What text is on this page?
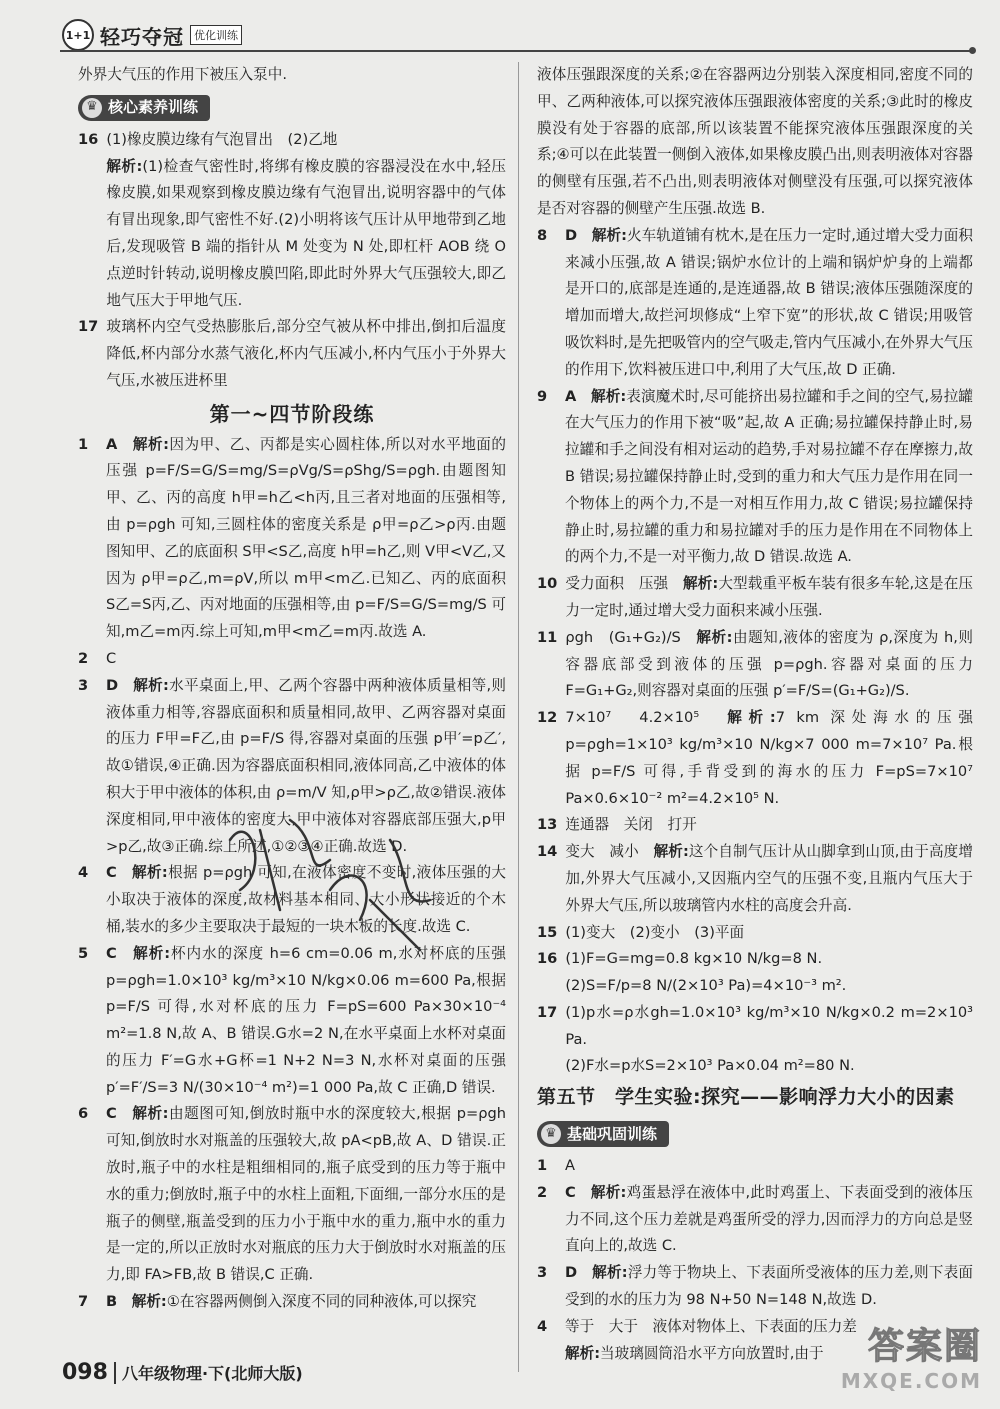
1+1 轻巧夺冠 优化训练

外界大气压的作用下被压入泵中.

♛ 核心素养训练
16 (1)橡皮膜边缘有气泡冒出　(2)乙地
解析:(1)检查气密性时,将绑有橡皮膜的容器浸没在水中,轻压橡皮膜,如果观察到橡皮膜边缘有气泡冒出,说明容器中的气体有冒出现象,即气密性不好.(2)小明将该气压计从甲地带到乙地后,发现吸管 B 端的指针从 M 处变为 N 处,即杠杆 AOB 绕 O 点逆时针转动,说明橡皮膜凹陷,即此时外界大气压强较大,即乙地气压大于甲地气压.
17 玻璃杯内空气受热膨胀后,部分空气被从杯中排出,倒扣后温度降低,杯内部分水蒸气液化,杯内气压减小,杯内气压小于外界大气压,水被压进杯里
第一~四节阶段练
1	A　 解析:因为甲、乙、丙都是实心圆柱体,所以对水平地面的压强 p=F/S=G/S=mg/S=ρVg/S=ρShg/S=ρgh.由题图知甲、乙、丙的高度 h甲=h乙<h丙,且三者对地面的压强相等,由 p=ρgh 可知,三圆柱体的密度关系是 ρ甲=ρ乙>ρ丙.由题图知甲、乙的底面积 S甲<S乙,高度 h甲=h乙,则 V甲<V乙,又因为 ρ甲=ρ乙,m=ρV,所以 m甲<m乙.已知乙、丙的底面积 S乙=S丙,乙、丙对地面的压强相等,由 p=F/S=G/S=mg/S 可知,m乙=m丙.综上可知,m甲<m乙=m丙.故选 A.
2	C
3	D　 解析:水平桌面上,甲、乙两个容器中两种液体质量相等,则液体重力相等,容器底面积和质量相同,故甲、乙两容器对桌面的压力 F甲=F乙,由 p=F/S 得,容器对桌面的压强 p甲′=p乙′,故①错误,④正确.因为容器底面积相同,液体同高,乙中液体的体积大于甲中液体的体积,由 ρ=m/V 知,ρ甲>ρ乙,故②错误.液体深度相同,甲中液体的密度大,甲中液体对容器底部压强大,p甲>p乙,故③正确.综上所述,①②③④正确.故选 D.
4	C　 解析:根据 p=ρgh 可知,在液体密度不变时,液体压强的大小取决于液体的深度,故材料基本相同、大小形状接近的个木桶,装水的多少主要取决于最短的一块木板的长度.故选 C.
5	C　 解析:杯内水的深度 h=6 cm=0.06 m,水对杯底的压强 p=ρgh=1.0×10³ kg/m³×10 N/kg×0.06 m=600 Pa,根据 p=F/S 可得,水对杯底的压力 F=pS=600 Pa×30×10⁻⁴ m²=1.8 N,故 A、B 错误.G水=2 N,在水平桌面上水杯对桌面的压力 F′=G水+G杯=1 N+2 N=3 N,水杯对桌面的压强 p′=F′/S=3 N/(30×10⁻⁴ m²)=1 000 Pa,故 C 正确,D 错误.
6	C　 解析:由题图可知,倒放时瓶中水的深度较大,根据 p=ρgh 可知,倒放时水对瓶盖的压强较大,故 pA<pB,故 A、D 错误.正放时,瓶子中的水柱是粗细相同的,瓶子底受到的压力等于瓶中水的重力;倒放时,瓶子中的水柱上面粗,下面细,一部分水压的是瓶子的侧壁,瓶盖受到的压力小于瓶中水的重力,瓶中水的重力是一定的,所以正放时水对瓶底的压力大于倒放时水对瓶盖的压力,即 FA>FB,故 B 错误,C 正确.
7	B　 解析:①在容器两侧倒入深度不同的同种液体,可以探究

液体压强跟深度的关系;②在容器两边分别装入深度相同,密度不同的甲、乙两种液体,可以探究液体压强跟液体密度的关系;③此时的橡皮膜没有处于容器的底部,所以该装置不能探究液体压强跟深度的关系;④可以在此装置一侧倒入液体,如果橡皮膜凸出,则表明液体对容器的侧壁有压强,若不凸出,则表明液体对侧壁没有压强,可以探究液体是否对容器的侧壁产生压强.故选 B.

8	D　 解析:火车轨道铺有枕木,是在压力一定时,通过增大受力面积来减小压强,故 A 错误;锅炉水位计的上端和锅炉炉身的上端都是开口的,底部是连通的,是连通器,故 B 错误;液体压强随深度的增加而增大,故拦河坝修成“上窄下宽”的形状,故 C 错误;用吸管吸饮料时,是先把吸管内的空气吸走,管内气压减小,在外界大气压的作用下,饮料被压进口中,利用了大气压,故 D 正确.
9	A　 解析:表演魔术时,尽可能挤出易拉罐和手之间的空气,易拉罐在大气压力的作用下被“吸”起,故 A 正确;易拉罐保持静止时,易拉罐和手之间没有相对运动的趋势,手对易拉罐不存在摩擦力,故 B 错误;易拉罐保持静止时,受到的重力和大气压力是作用在同一个物体上的两个力,不是一对相互作用力,故 C 错误;易拉罐保持静止时,易拉罐的重力和易拉罐对手的压力是作用在不同物体上的两个力,不是一对平衡力,故 D 错误.故选 A.
10 受力面积　压强　 解析:大型载重平板车装有很多车轮,这是在压力一定时,通过增大受力面积来减小压强.
11 ρgh　(G₁+G₂)/S　 解析:由题知,液体的密度为 ρ,深度为 h,则容器底部受到液体的压强 p=ρgh.容器对桌面的压力 F=G₁+G₂,则容器对桌面的压强 p′=F/S=(G₁+G₂)/S.
12 7×10⁷　4.2×10⁵　 解析:7 km 深处海水的压强 p=ρgh=1×10³ kg/m³×10 N/kg×7 000 m=7×10⁷ Pa.根据 p=F/S 可得,手背受到的海水的压力 F=pS=7×10⁷ Pa×0.6×10⁻² m²=4.2×10⁵ N.
13 连通器　关闭　打开
14 变大　减小　 解析:这个自制气压计从山脚拿到山顶,由于高度增加,外界大气压减小,又因瓶内空气的压强不变,且瓶内气压大于外界大气压,所以玻璃管内水柱的高度会升高.
15 (1)变大　(2)变小　(3)平面
16 (1)F=G=mg=0.8 kg×10 N/kg=8 N.
(2)S=F/p=8 N/(2×10³ Pa)=4×10⁻³ m².
17 (1)p水=ρ水gh=1.0×10³ kg/m³×10 N/kg×0.2 m=2×10³ Pa.
(2)F水=p水S=2×10³ Pa×0.04 m²=80 N.
第五节　学生实验:探究——影响浮力大小的因素
♛ 基础巩固训练
1	A
2	C　 解析:鸡蛋悬浮在液体中,此时鸡蛋上、下表面受到的液体压力不同,这个压力差就是鸡蛋所受的浮力,因而浮力的方向总是竖直向上的,故选 C.
3	D　 解析:浮力等于物块上、下表面所受液体的压力差,则下表面受到的水的压力为 98 N+50 N=148 N,故选 D.
4	等于　大于　液体对物体上、下表面的压力差
解析:当玻璃圆筒沿水平方向放置时,由于
098 八年级物理·下(北师大版)
答案圈
MXQE.COM
